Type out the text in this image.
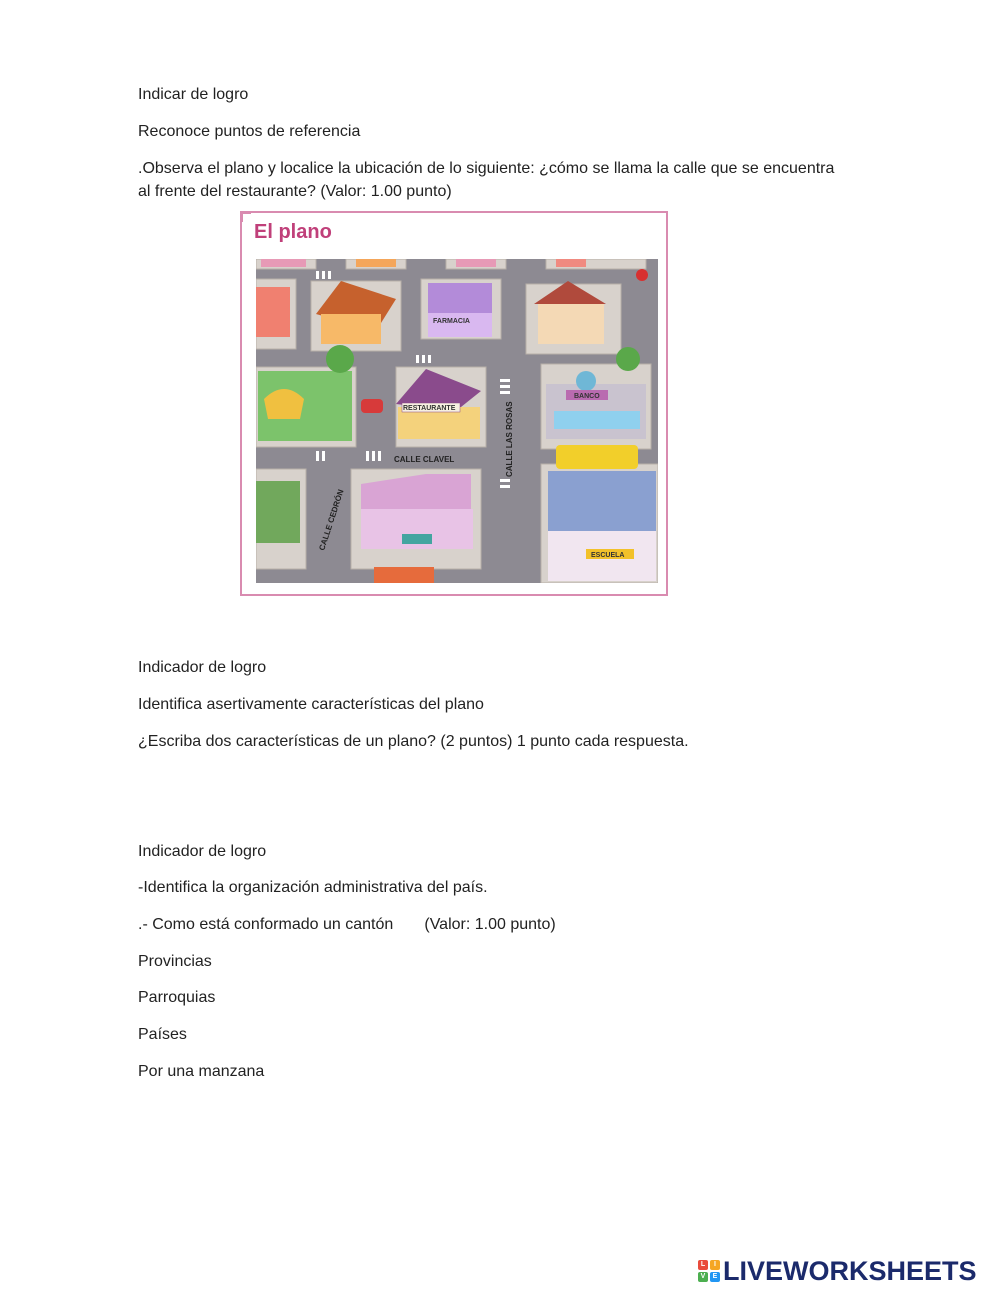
Indicar de logro
Reconoce puntos de referencia
.Observa el plano y localice la ubicación de lo siguiente: ¿cómo se llama la calle que se encuentra
al frente del restaurante? (Valor: 1.00 punto)
El plano
FARMACIA
RESTAURANTE
BANCO
ESCUELA
CALLE CLAVEL	CALLE LAS ROSAS
CALLE CEDRÓN
Indicador de logro
Identifica asertivamente características del plano
¿Escriba dos características de un plano? (2 puntos) 1 punto cada respuesta.
Indicador de logro
-Identifica la organización administrativa del país.
.- Como está conformado un cantón       (Valor: 1.00 punto)
Provincias
Parroquias
Países
Por una manzana
L	I
V	E LIVEWORKSHEETS
